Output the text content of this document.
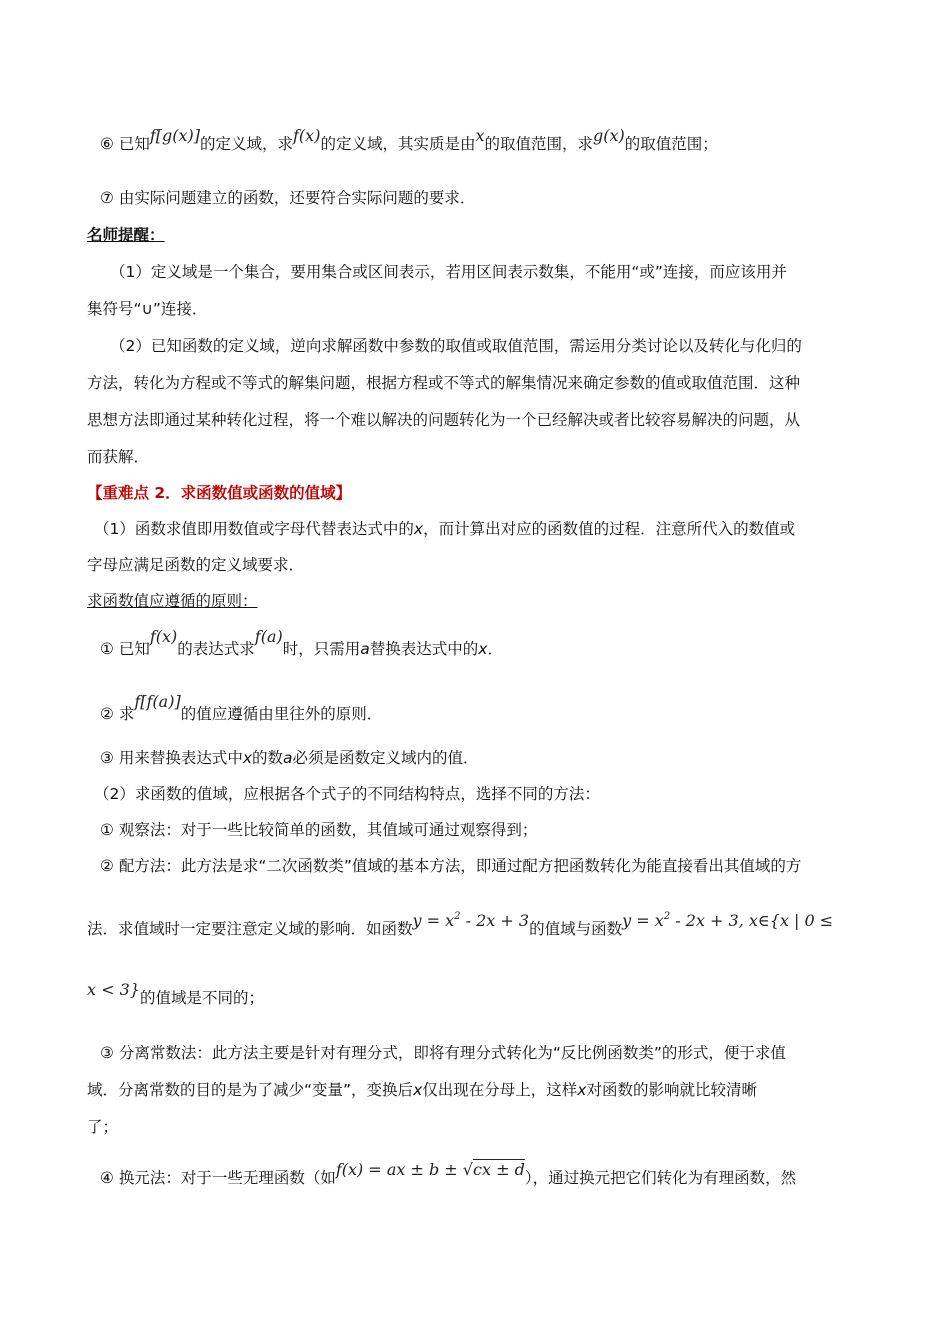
⑥ 已知f[g(x)]的定义域，求f(x)的定义域，其实质是由x的取值范围，求g(x)的取值范围；
⑦ 由实际问题建立的函数，还要符合实际问题的要求．
名师提醒：
（1）定义域是一个集合，要用集合或区间表示，若用区间表示数集，不能用“或”连接，而应该用并
集符号“∪”连接．
（2）已知函数的定义域，逆向求解函数中参数的取值或取值范围，需运用分类讨论以及转化与化归的
方法，转化为方程或不等式的解集问题，根据方程或不等式的解集情况来确定参数的值或取值范围．这种
思想方法即通过某种转化过程，将一个难以解决的问题转化为一个已经解决或者比较容易解决的问题，从
而获解．
【重难点 2．求函数值或函数的值域】
（1）函数求值即用数值或字母代替表达式中的x，而计算出对应的函数值的过程．注意所代入的数值或
字母应满足函数的定义域要求．
求函数值应遵循的原则：
① 已知f(x)的表达式求f(a)时，只需用a替换表达式中的x．
② 求f[f(a)]的值应遵循由里往外的原则．
③ 用来替换表达式中x的数a必须是函数定义域内的值．
（2）求函数的值域，应根据各个式子的不同结构特点，选择不同的方法：
① 观察法：对于一些比较简单的函数，其值域可通过观察得到；
② 配方法：此方法是求“二次函数类”值域的基本方法，即通过配方把函数转化为能直接看出其值域的方
法．求值域时一定要注意定义域的影响．如函数$y = x^2 - 2x + 3$的值域与函数$y = x^2 - 2x + 3$, x∈{x | 0 ≤
x < 3}的值域是不同的；
③ 分离常数法：此方法主要是针对有理分式，即将有理分式转化为“反比例函数类”的形式，便于求值
域．分离常数的目的是为了减少“变量”，变换后x仅出现在分母上，这样x对函数的影响就比较清晰
了；
④ 换元法：对于一些无理函数（如f(x) = ax ± b ± √cx ± d），通过换元把它们转化为有理函数，然
